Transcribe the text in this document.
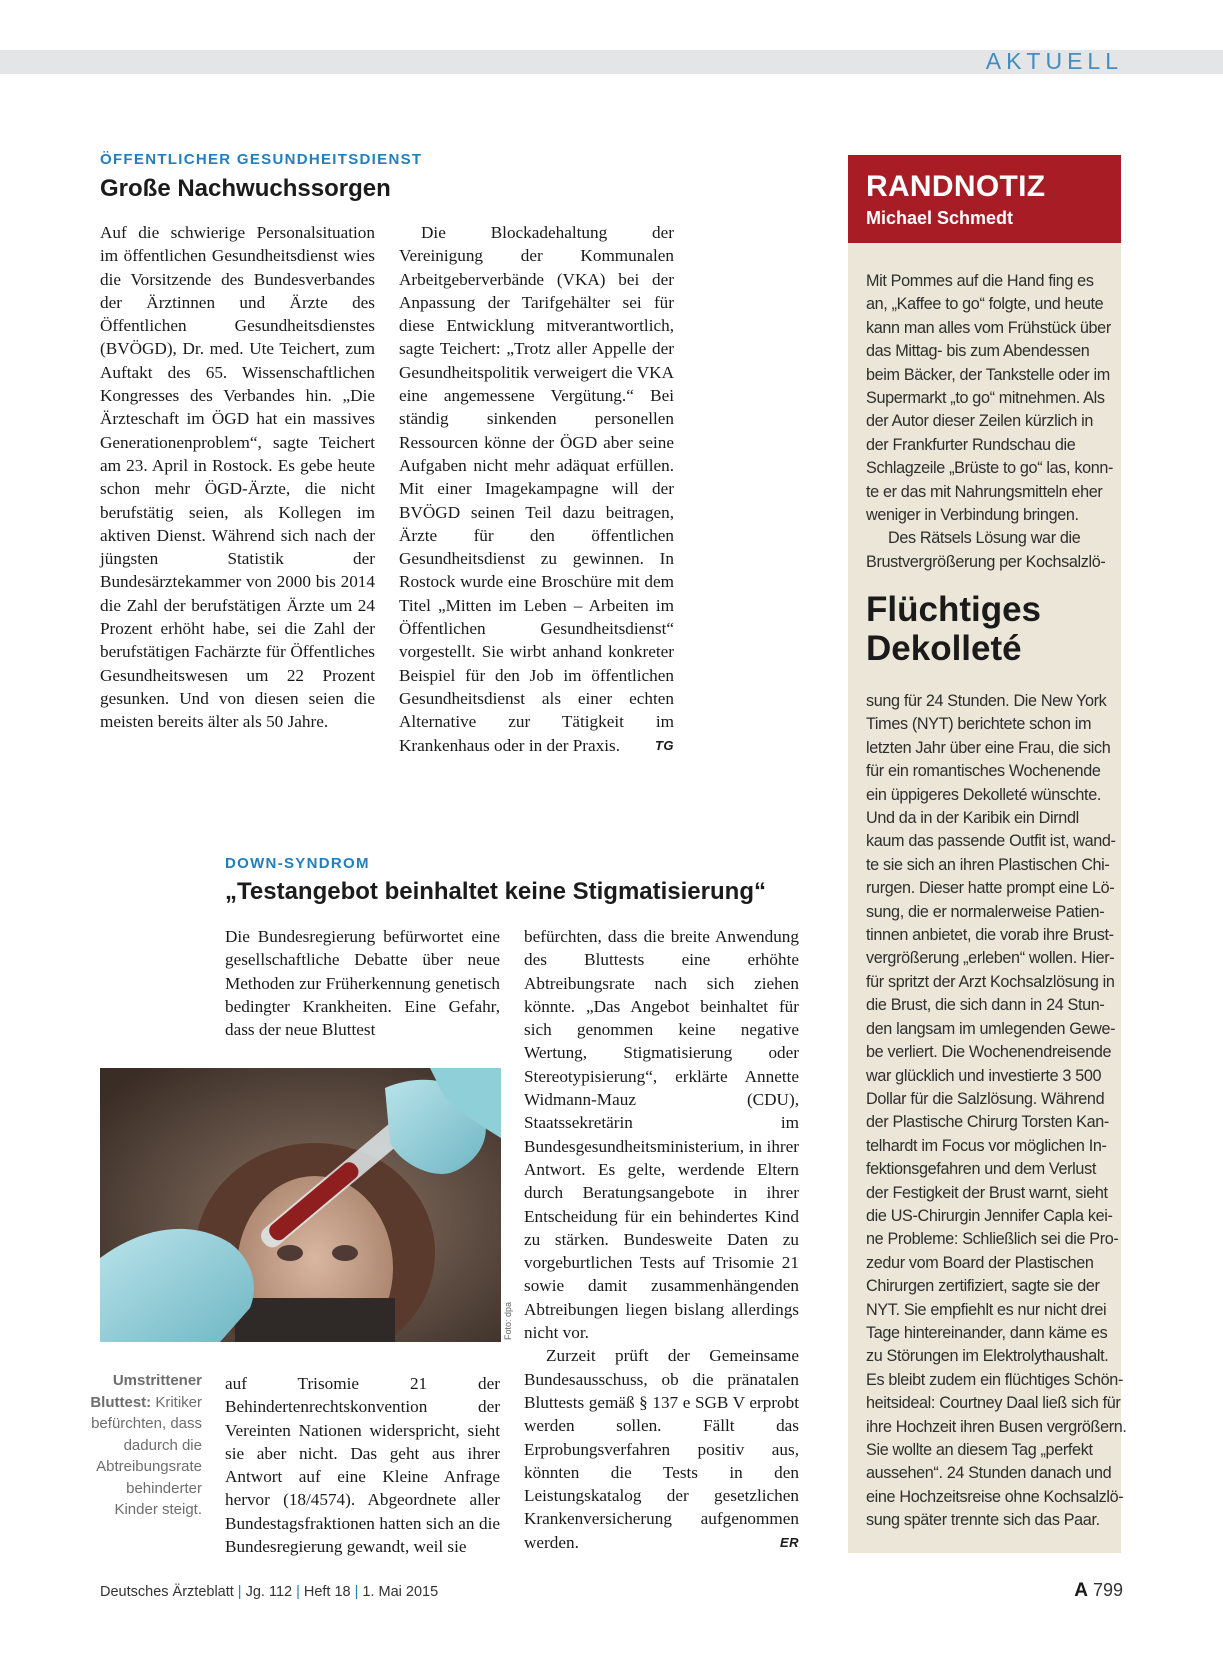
AKTUELL
ÖFFENTLICHER GESUNDHEITSDIENST
Große Nachwuchssorgen

Auf die schwierige Personalsituation im öffentlichen Gesundheitsdienst wies die Vorsitzende des Bundesverbandes der Ärztinnen und Ärzte des Öffentlichen Gesundheitsdienstes (BVÖGD), Dr. med. Ute Teichert, zum Auftakt des 65. Wissenschaftlichen Kongresses des Verbandes hin. „Die Ärzteschaft im ÖGD hat ein massives Generationenproblem“, sagte Teichert am 23. April in Rostock. Es gebe heute schon mehr ÖGD-Ärzte, die nicht berufstätig seien, als Kollegen im aktiven Dienst. Während sich nach der jüngsten Statistik der Bundesärztekammer von 2000 bis 2014 die Zahl der berufstätigen Ärzte um 24 Prozent erhöht habe, sei die Zahl der berufstätigen Fachärzte für Öffentliches Gesundheitswesen um 22 Prozent gesunken. Und von diesen seien die meisten bereits älter als 50 Jahre.

Die Blockadehaltung der Vereinigung der Kommunalen Arbeitgeberverbände (VKA) bei der Anpassung der Tarifgehälter sei für diese Entwicklung mitverantwortlich, sagte Teichert: „Trotz aller Appelle der Gesundheitspolitik verweigert die VKA eine angemessene Vergütung.“ Bei ständig sinkenden personellen Ressourcen könne der ÖGD aber seine Aufgaben nicht mehr adäquat erfüllen. Mit einer Imagekampagne will der BVÖGD seinen Teil dazu beitragen, Ärzte für den öffentlichen Gesundheitsdienst zu gewinnen. In Rostock wurde eine Broschüre mit dem Titel „Mitten im Leben – Arbeiten im Öffentlichen Gesundheitsdienst“ vorgestellt. Sie wirbt anhand konkreter Beispiel für den Job im öffentlichen Gesundheitsdienst als einer echten Alternative zur Tätigkeit im Krankenhaus oder in der Praxis.	TG

DOWN-SYNDROM
„Testangebot beinhaltet keine Stigmatisierung“

Die Bundesregierung befürwortet eine gesellschaftliche Debatte über neue Methoden zur Früherkennung genetisch bedingter Krankheiten. Eine Gefahr, dass der neue Bluttest

Foto: dpa
Umstrittener Bluttest: Kritiker befürchten, dass dadurch die Abtreibungsrate behinderter Kinder steigt.

auf Trisomie 21 der Behindertenrechtskonvention der Vereinten Nationen widerspricht, sieht sie aber nicht. Das geht aus ihrer Antwort auf eine Kleine Anfrage hervor (18/4574). Abgeordnete aller Bundestagsfraktionen hatten sich an die Bundesregierung gewandt, weil sie

befürchten, dass die breite Anwendung des Bluttests eine erhöhte Abtreibungsrate nach sich ziehen könnte. „Das Angebot beinhaltet für sich genommen keine negative Wertung, Stigmatisierung oder Stereotypisierung“, erklärte Annette Widmann-Mauz (CDU), Staatssekretärin im Bundesgesundheitsministerium, in ihrer Antwort. Es gelte, werdende Eltern durch Beratungsangebote in ihrer Entscheidung für ein behindertes Kind zu stärken. Bundesweite Daten zu vorgeburtlichen Tests auf Trisomie 21 sowie damit zusammenhängenden Abtreibungen liegen bislang allerdings nicht vor.

Zurzeit prüft der Gemeinsame Bundesausschuss, ob die pränatalen Bluttests gemäß § 137 e SGB V erprobt werden sollen. Fällt das Erprobungsverfahren positiv aus, könnten die Tests in den Leistungskatalog der gesetzlichen Krankenversicherung aufgenommen werden.	ER

RANDNOTIZ
Michael Schmedt
Mit Pommes auf die Hand fing es
an, „Kaffee to go“ folgte, und heute
kann man alles vom Frühstück über
das Mittag- bis zum Abendessen
beim Bäcker, der Tankstelle oder im
Supermarkt „to go“ mitnehmen. Als
der Autor dieser Zeilen kürzlich in
der Frankfurter Rundschau die
Schlagzeile „Brüste to go“ las, konn-
te er das mit Nahrungsmitteln eher
weniger in Verbindung bringen.
Des Rätsels Lösung war die
Brustvergrößerung per Kochsalzlö-
Flüchtiges
Dekolleté
sung für 24 Stunden. Die New York
Times (NYT) berichtete schon im
letzten Jahr über eine Frau, die sich
für ein romantisches Wochenende
ein üppigeres Dekolleté wünschte.
Und da in der Karibik ein Dirndl
kaum das passende Outfit ist, wand-
te sie sich an ihren Plastischen Chi-
rurgen. Dieser hatte prompt eine Lö-
sung, die er normalerweise Patien-
tinnen anbietet, die vorab ihre Brust-
vergrößerung „erleben“ wollen. Hier-
für spritzt der Arzt Kochsalzlösung in
die Brust, die sich dann in 24 Stun-
den langsam im umlegenden Gewe-
be verliert. Die Wochenendreisende
war glücklich und investierte 3 500
Dollar für die Salzlösung. Während
der Plastische Chirurg Torsten Kan-
telhardt im Focus vor möglichen In-
fektionsgefahren und dem Verlust
der Festigkeit der Brust warnt, sieht
die US-Chirurgin Jennifer Capla kei-
ne Probleme: Schließlich sei die Pro-
zedur vom Board der Plastischen
Chirurgen zertifiziert, sagte sie der
NYT. Sie empfiehlt es nur nicht drei
Tage hintereinander, dann käme es
zu Störungen im Elektrolythaushalt.
Es bleibt zudem ein flüchtiges Schön-
heitsideal: Courtney Daal ließ sich für
ihre Hochzeit ihren Busen vergrößern.
Sie wollte an diesem Tag „perfekt
aussehen“. 24 Stunden danach und
eine Hochzeitsreise ohne Kochsalzlö-
sung später trennte sich das Paar.
Deutsches Ärzteblatt | Jg. 112 | Heft 18 | 1. Mai 2015	A 799
